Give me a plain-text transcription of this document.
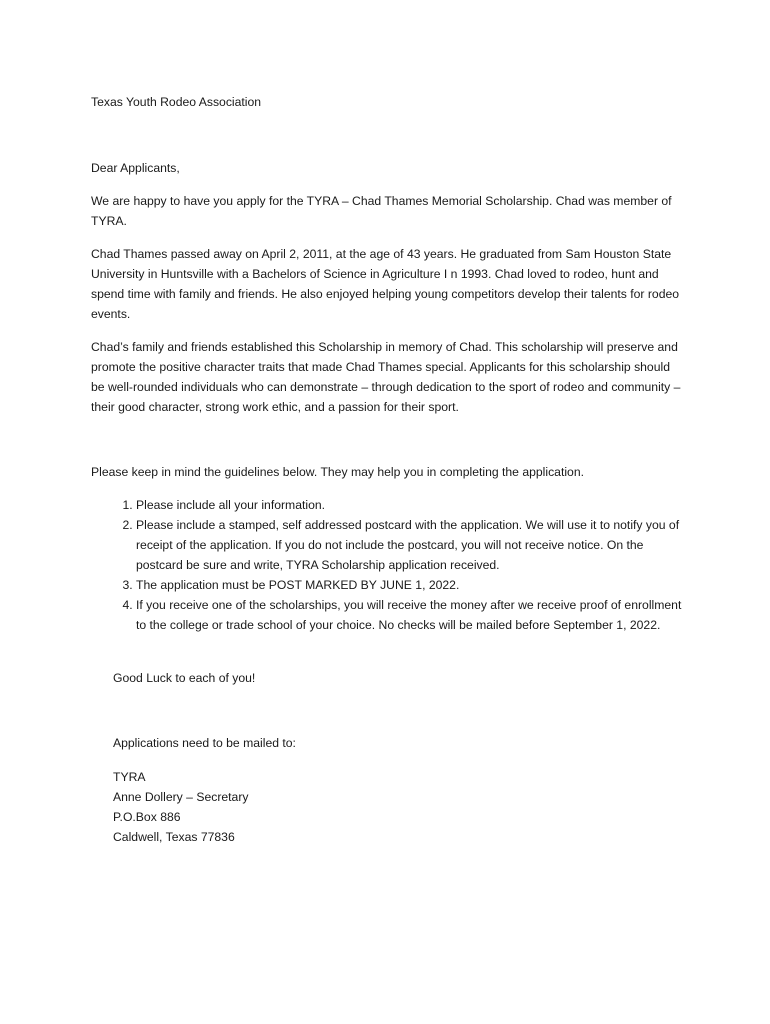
Texas Youth Rodeo Association

Dear Applicants,

We are happy to have you apply for the TYRA – Chad Thames Memorial Scholarship. Chad was member of TYRA.

Chad Thames passed away on April 2, 2011, at the age of 43 years. He graduated from Sam Houston State University in Huntsville with a Bachelors of Science in Agriculture I n 1993. Chad loved to rodeo, hunt and spend time with family and friends. He also enjoyed helping young competitors develop their talents for rodeo events.

Chad’s family and friends established this Scholarship in memory of Chad. This scholarship will preserve and promote the positive character traits that made Chad Thames special. Applicants for this scholarship should be well-rounded individuals who can demonstrate – through dedication to the sport of rodeo and community – their good character, strong work ethic, and a passion for their sport.

Please keep in mind the guidelines below. They may help you in completing the application.

1. Please include all your information.
2. Please include a stamped, self addressed postcard with the application. We will use it to notify you of receipt of the application. If you do not include the postcard, you will not receive notice. On the postcard be sure and write, TYRA Scholarship application received.
3. The application must be POST MARKED BY JUNE 1, 2022.
4. If you receive one of the scholarships, you will receive the money after we receive proof of enrollment to the college or trade school of your choice. No checks will be mailed before September 1, 2022.

Good Luck to each of you!

Applications need to be mailed to:

TYRA
Anne Dollery – Secretary
P.O.Box 886
Caldwell, Texas 77836
